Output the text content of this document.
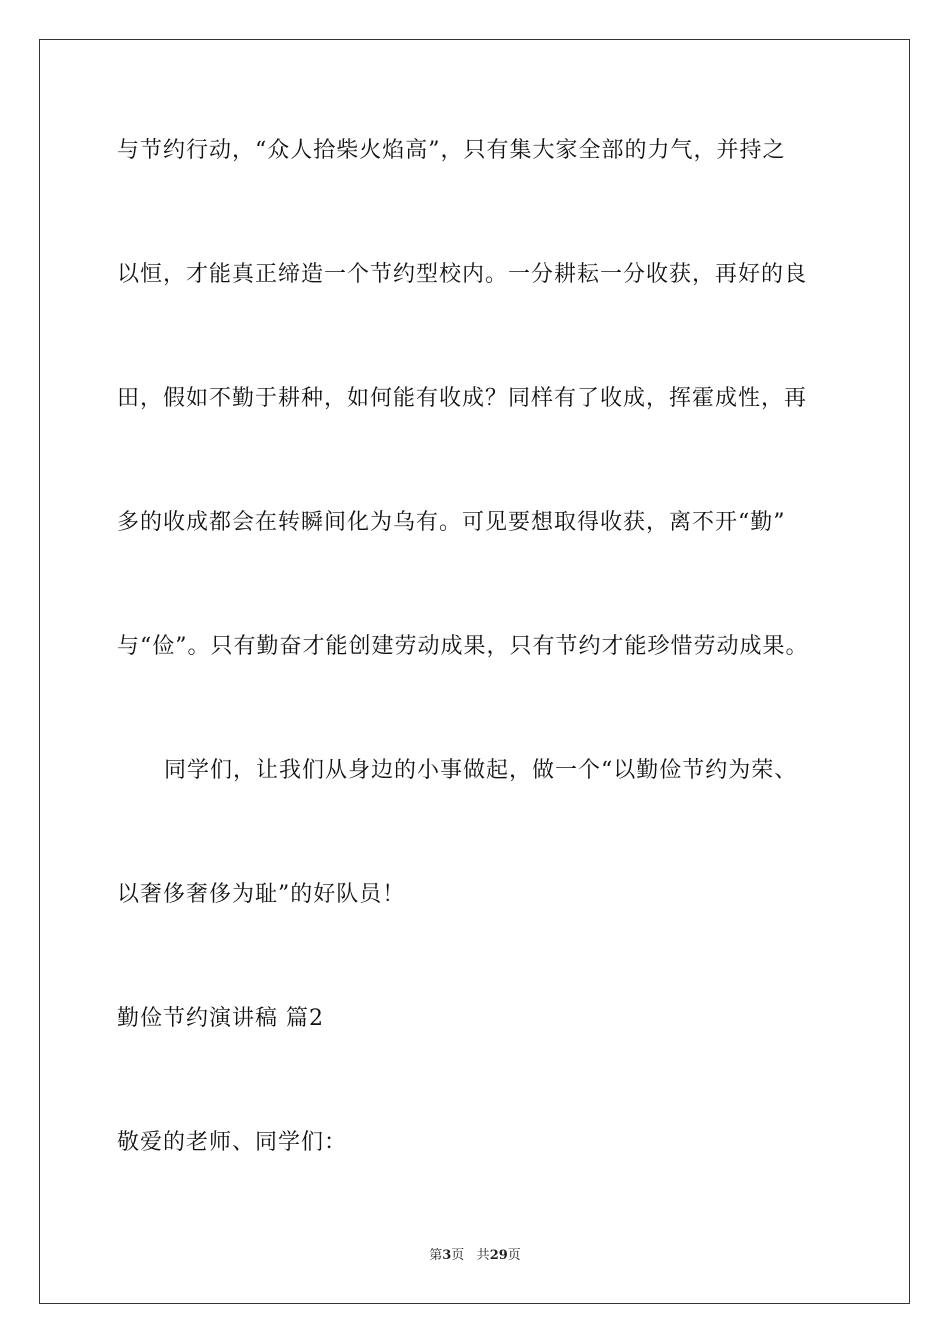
与节约行动，“众人拾柴火焰高”，只有集大家全部的力气，并持之
以恒，才能真正缔造一个节约型校内。一分耕耘一分收获，再好的良
田，假如不勤于耕种，如何能有收成？同样有了收成，挥霍成性，再
多的收成都会在转瞬间化为乌有。可见要想取得收获，离不开“勤”
与“俭”。只有勤奋才能创建劳动成果，只有节约才能珍惜劳动成果。
同学们，让我们从身边的小事做起，做一个“以勤俭节约为荣、
以奢侈奢侈为耻”的好队员！
勤俭节约演讲稿 篇2
敬爱的老师、同学们：
第3页 共29页
